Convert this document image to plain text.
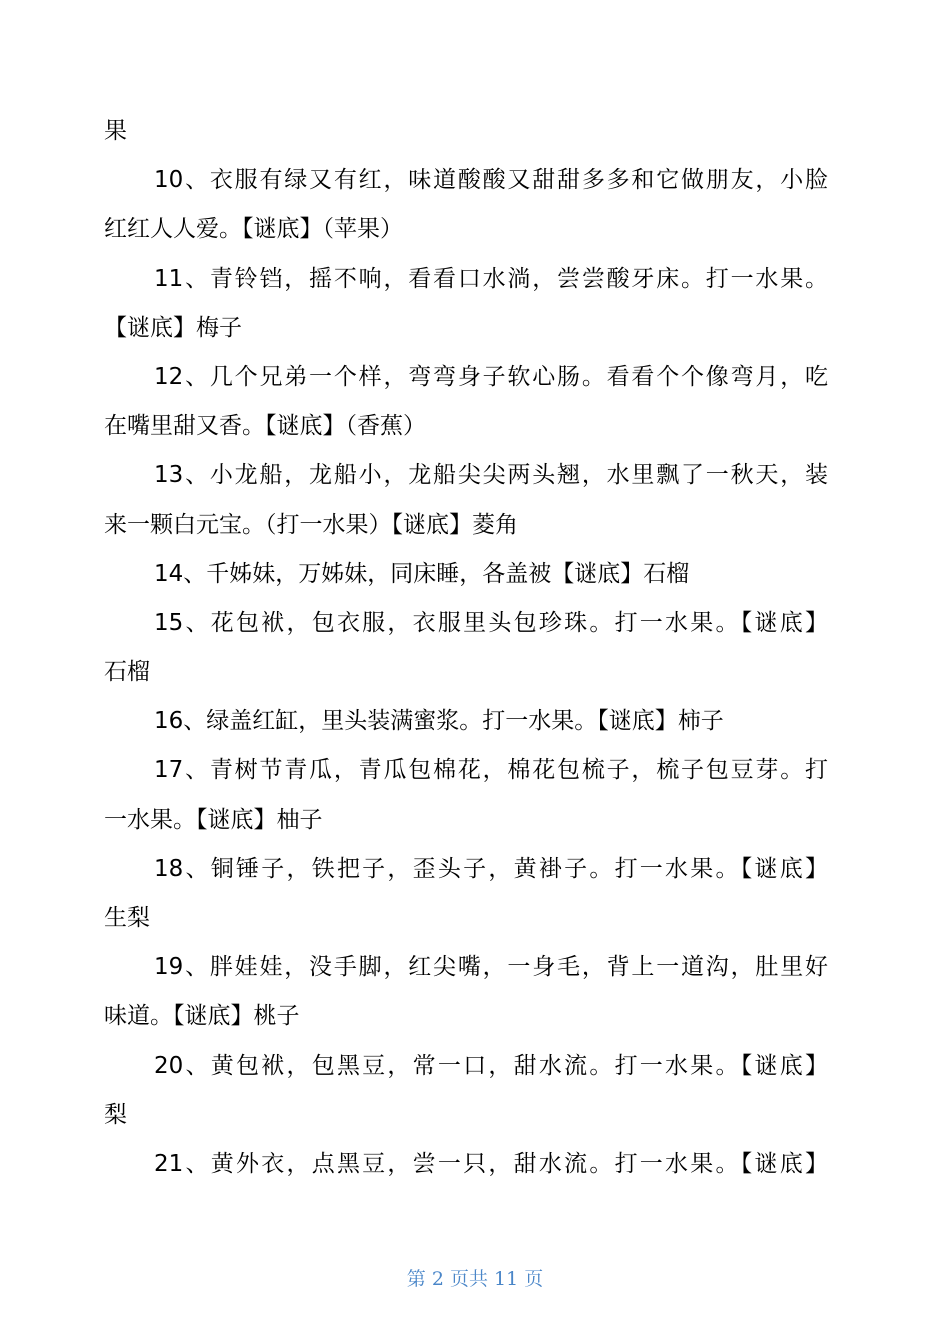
果
10、衣服有绿又有红，味道酸酸又甜甜多多和它做朋友，小脸
红红人人爱。【谜底】（苹果）
11、青铃铛，摇不响，看看口水淌，尝尝酸牙床。打一水果。
【谜底】梅子
12、几个兄弟一个样，弯弯身子软心肠。看看个个像弯月，吃
在嘴里甜又香。【谜底】（香蕉）
13、小龙船，龙船小，龙船尖尖两头翘，水里飘了一秋天，装
来一颗白元宝。（打一水果）【谜底】菱角
14、千姊妹，万姊妹，同床睡，各盖被【谜底】石榴
15、花包袱，包衣服，衣服里头包珍珠。打一水果。【谜底】
石榴
16、绿盖红缸，里头装满蜜浆。打一水果。【谜底】柿子
17、青树节青瓜，青瓜包棉花，棉花包梳子，梳子包豆芽。打
一水果。【谜底】柚子
18、铜锤子，铁把子，歪头子，黄褂子。打一水果。【谜底】
生梨
19、胖娃娃，没手脚，红尖嘴，一身毛，背上一道沟，肚里好
味道。【谜底】桃子
20、黄包袱，包黑豆，常一口，甜水流。打一水果。【谜底】
梨
21、黄外衣，点黑豆，尝一只，甜水流。打一水果。【谜底】
第 2 页共 11 页
